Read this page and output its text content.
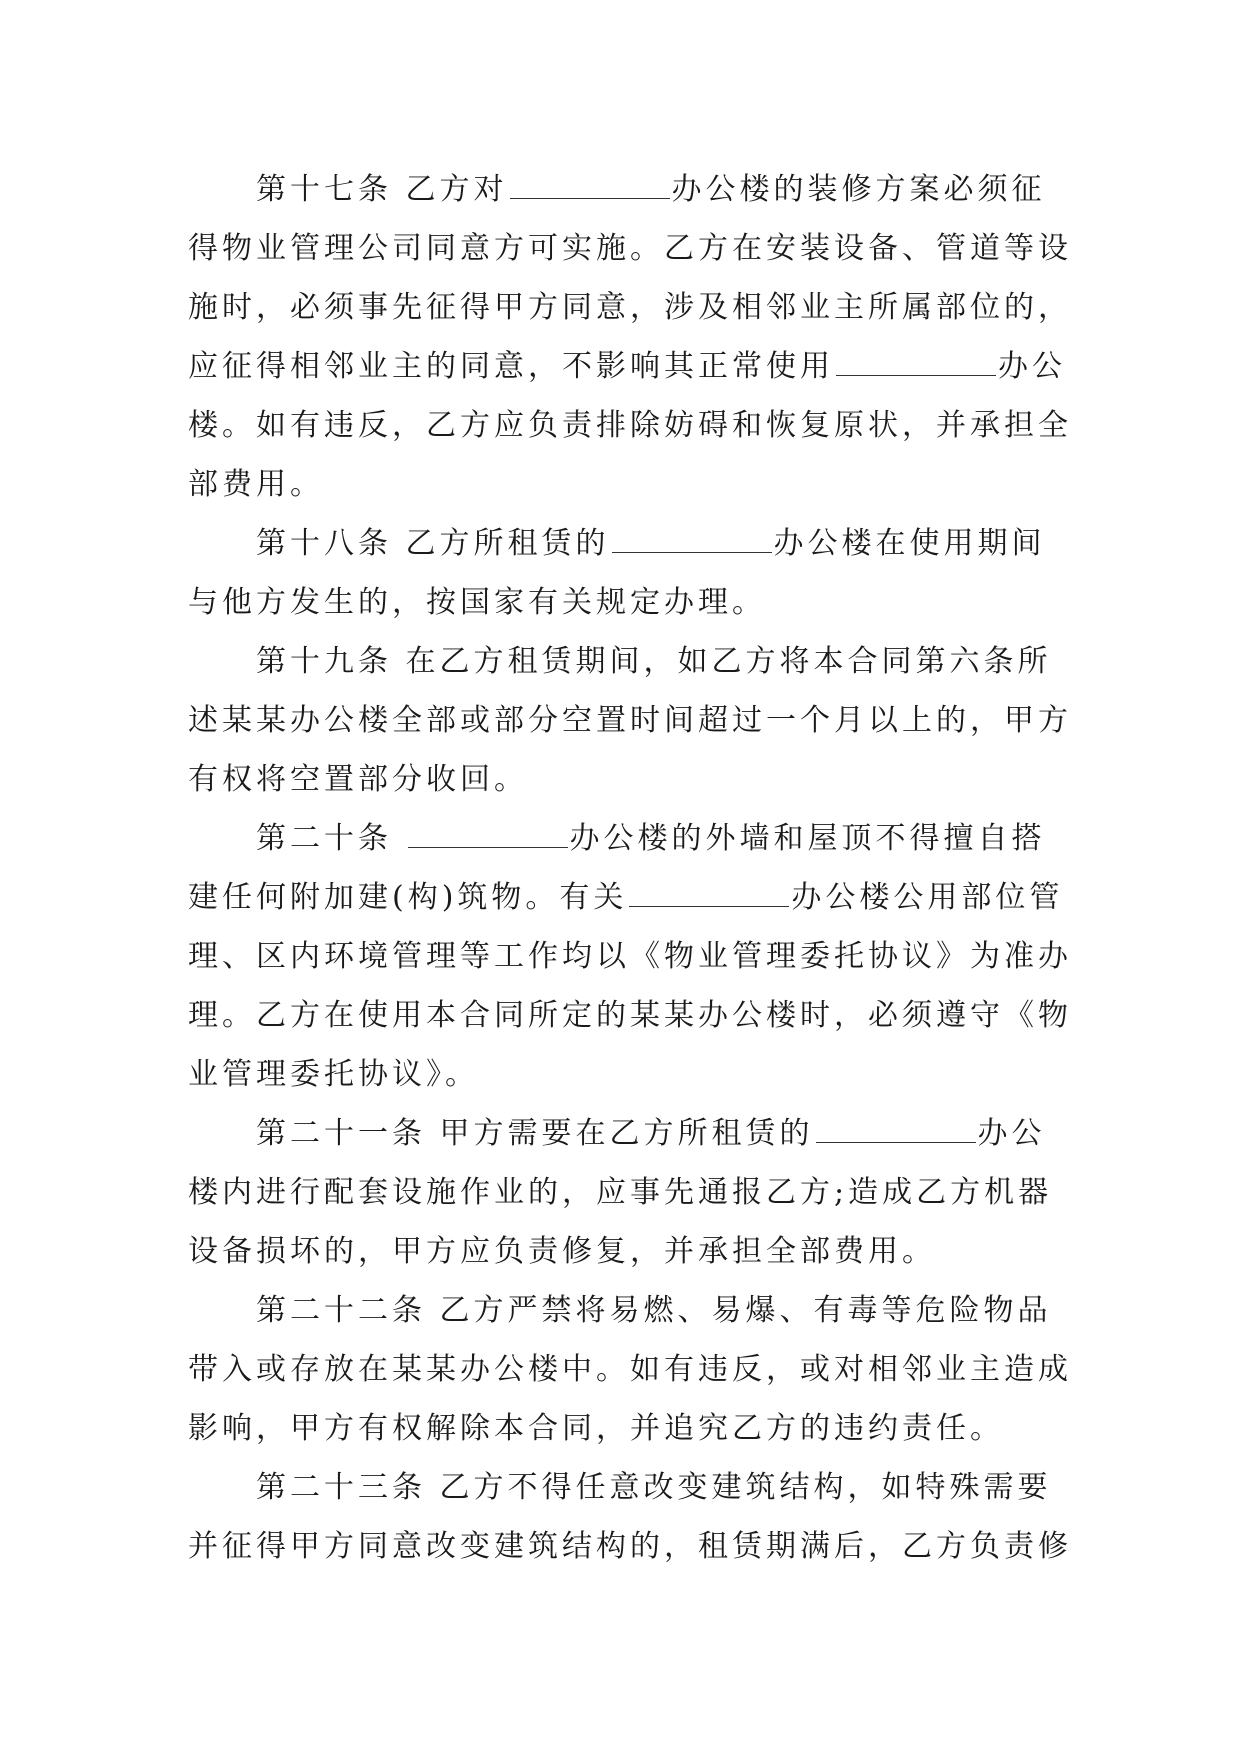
第十七条 乙方对	办公楼的装修方案必须征
得物业管理公司同意方可实施。乙方在安装设备、管道等设
施时，必须事先征得甲方同意，涉及相邻业主所属部位的，
应征得相邻业主的同意，不影响其正常使用	办公
楼。如有违反，乙方应负责排除妨碍和恢复原状，并承担全
部费用。
第十八条 乙方所租赁的	办公楼在使用期间
与他方发生的，按国家有关规定办理。
第十九条 在乙方租赁期间，如乙方将本合同第六条所
述某某办公楼全部或部分空置时间超过一个月以上的，甲方
有权将空置部分收回。
第二十条	办公楼的外墙和屋顶不得擅自搭
建任何附加建(构)筑物。有关	办公楼公用部位管
理、区内环境管理等工作均以《物业管理委托协议》为准办
理。乙方在使用本合同所定的某某办公楼时，必须遵守《物
业管理委托协议》。
第二十一条 甲方需要在乙方所租赁的	办公
楼内进行配套设施作业的，应事先通报乙方;造成乙方机器
设备损坏的，甲方应负责修复，并承担全部费用。
第二十二条 乙方严禁将易燃、易爆、有毒等危险物品
带入或存放在某某办公楼中。如有违反，或对相邻业主造成
影响，甲方有权解除本合同，并追究乙方的违约责任。
第二十三条 乙方不得任意改变建筑结构，如特殊需要
并征得甲方同意改变建筑结构的，租赁期满后，乙方负责修
